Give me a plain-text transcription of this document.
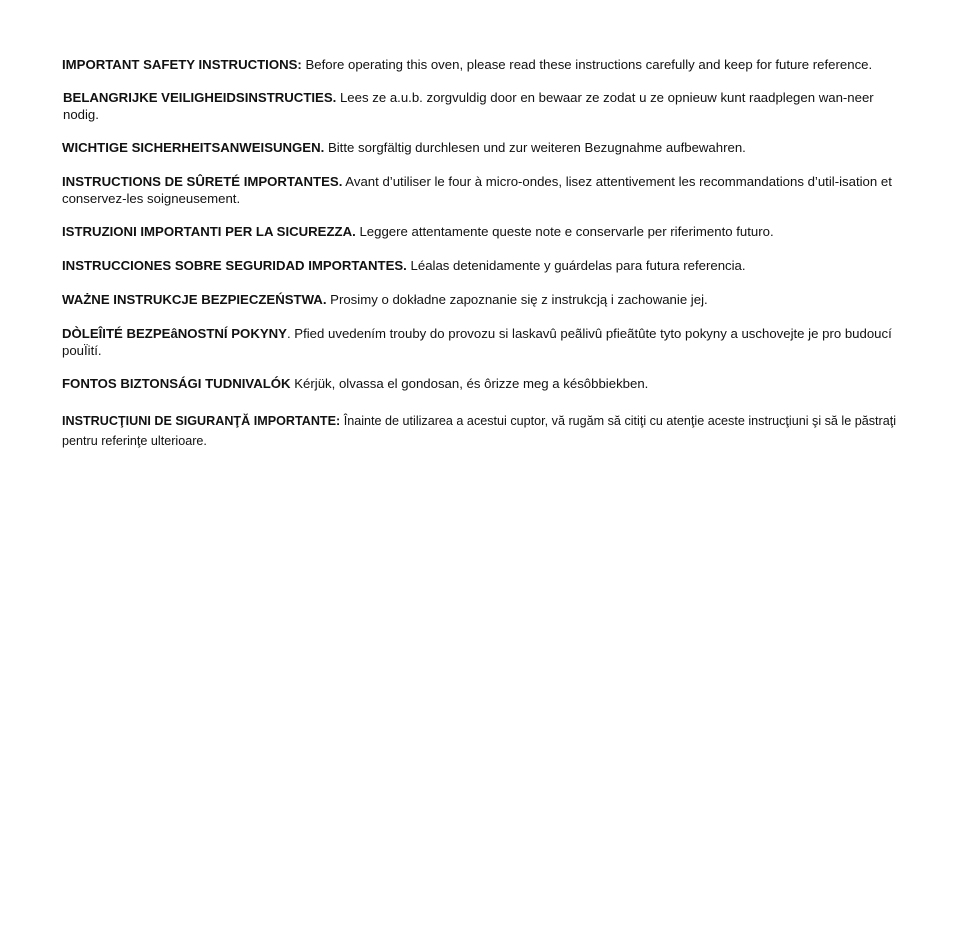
IMPORTANT SAFETY INSTRUCTIONS: Before operating this oven, please read these instructions carefully and keep for future reference.

BELANGRIJKE VEILIGHEIDSINSTRUCTIES. Lees ze a.u.b. zorgvuldig door en bewaar ze zodat u ze opnieuw kunt raadplegen wan-neer nodig.

WICHTIGE SICHERHEITSANWEISUNGEN. Bitte sorgfältig durchlesen und zur weiteren Bezugnahme aufbewahren.

INSTRUCTIONS DE SÛRETÉ IMPORTANTES. Avant d’utiliser le four à micro-ondes, lisez attentivement les recommandations d’util-isation et conservez-les soigneusement.

ISTRUZIONI IMPORTANTI PER LA SICUREZZA. Leggere attentamente queste note e conservarle per riferimento futuro.

INSTRUCCIONES SOBRE SEGURIDAD IMPORTANTES. Léalas detenidamente y guárdelas para futura referencia.

WAŻNE INSTRUKCJE BEZPIECZEŃSTWA. Prosimy o dokładne zapoznanie się z instrukcją i zachowanie jej.

DÒLEÎITÉ BEZPEâNOSTNÍ POKYNY. Pfied uvedením trouby do provozu si laskavû peãlivû pfieãtûte tyto pokyny a uschovejte je pro budoucí pouÏití.

FONTOS BIZTONSÁGI TUDNIVALÓK Kérjük, olvassa el gondosan, és ôrizze meg a késôbbiekben.

INSTRUCŢIUNI DE SIGURANŢĂ IMPORTANTE: Înainte de utilizarea a acestui cuptor, vă rugăm să citiţi cu atenţie aceste instrucţiuni şi să le păstraţi pentru referinţe ulterioare.
